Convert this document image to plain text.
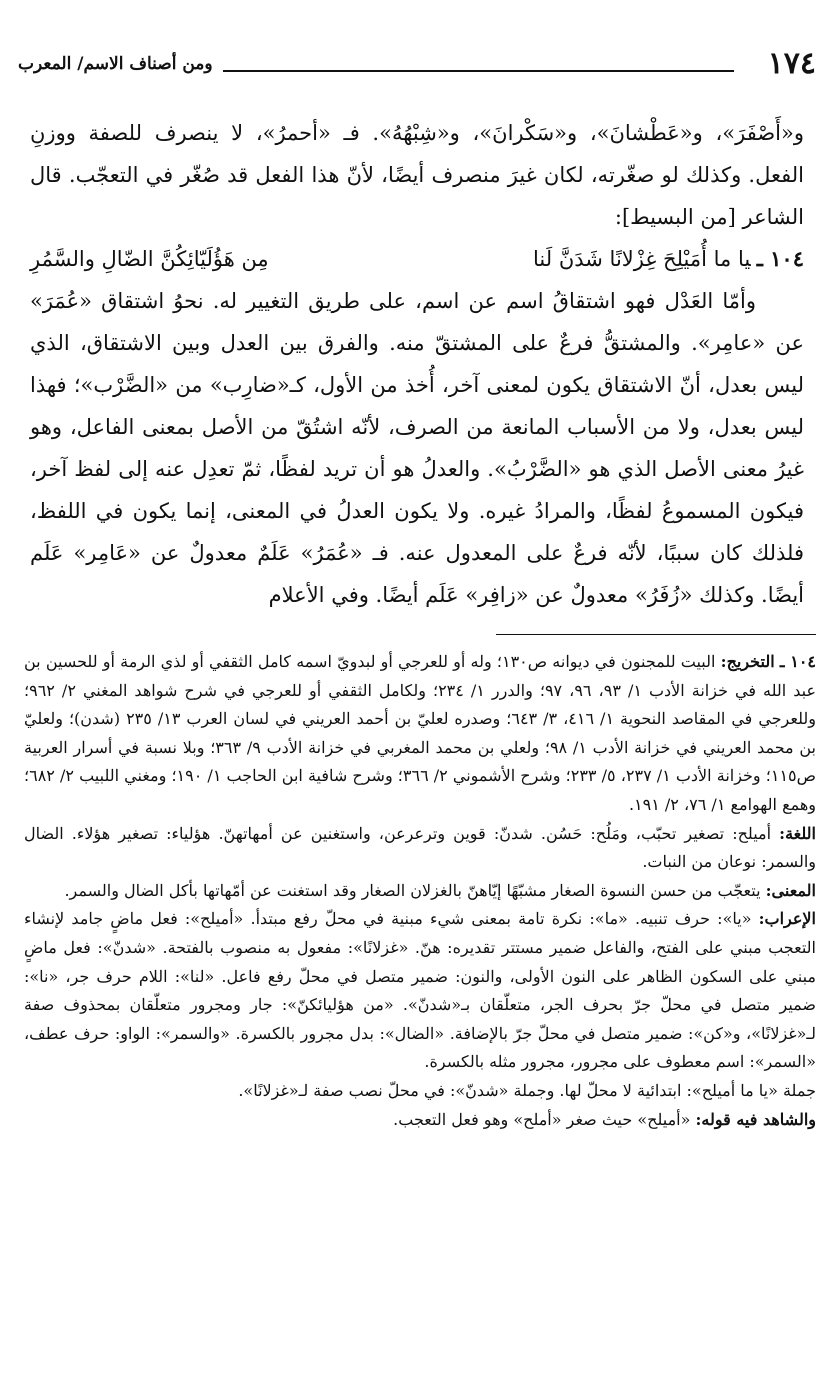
١٧٤
ومن أصناف الاسم/ المعرب

و«أَصْفَرَ»، و«عَطْشانَ»، و«سَكْرانَ»، و«شِبْهُهُ». فـ «أحمرُ»، لا ينصرف للصفة ووزنِ الفعل. وكذلك لو صغّرته، لكان غيرَ منصرف أيضًا، لأنّ هذا الفعل قد صُغّر في التعجّب. قال الشاعر [من البسيط]:

١٠٤ ـيا ما أُمَيْلِحَ غِزْلانًا شَدَنَّ لَنا
مِن هَؤُلَيّائِكُنَّ الضّالِ والسَّمُرِ

وأمّا العَدْل فهو اشتقاقُ اسم عن اسم، على طريق التغيير له. نحوُ اشتقاق «عُمَرَ» عن «عامِر». والمشتقُّ فرعٌ على المشتقّ منه. والفرق بين العدل وبين الاشتقاق، الذي ليس بعدل، أنّ الاشتقاق يكون لمعنى آخر، أُخذ من الأول، كـ«ضارِب» من «الضَّرْب»؛ فهذا ليس بعدل، ولا من الأسباب المانعة من الصرف، لأنّه اشتُقّ من الأصل بمعنى الفاعل، وهو غيرُ معنى الأصل الذي هو «الضَّرْبُ». والعدلُ هو أن تريد لفظًا، ثمّ تعدِل عنه إلى لفظ آخر، فيكون المسموعُ لفظًا، والمرادُ غيره. ولا يكون العدلُ في المعنى، إنما يكون في اللفظ، فلذلك كان سببًا، لأنّه فرعٌ على المعدول عنه. فـ «عُمَرُ» عَلَمٌ معدولٌ عن «عَامِر» عَلَم أيضًا. وكذلك «زُفَرُ» معدولٌ عن «زافِر» عَلَم أيضًا. وفي الأعلام

١٠٤ ـ التخريج: البيت للمجنون في ديوانه ص١٣٠؛ وله أو للعرجي أو لبدويّ اسمه كامل الثقفي أو لذي الرمة أو للحسين بن عبد الله في خزانة الأدب ١/ ٩٣، ٩٦، ٩٧؛ والدرر ١/ ٢٣٤؛ ولكامل الثقفي أو للعرجي في شرح شواهد المغني ٢/ ٩٦٢؛ وللعرجي في المقاصد النحوية ١/ ٤١٦، ٣/ ٦٤٣؛ وصدره لعليّ بن أحمد العريني في لسان العرب ١٣/ ٢٣٥ (شدن)؛ ولعليّ بن محمد العريني في خزانة الأدب ١/ ٩٨؛ ولعلي بن محمد المغربي في خزانة الأدب ٩/ ٣٦٣؛ وبلا نسبة في أسرار العربية ص١١٥؛ وخزانة الأدب ١/ ٢٣٧، ٥/ ٢٣٣؛ وشرح الأشموني ٢/ ٣٦٦؛ وشرح شافية ابن الحاجب ١/ ١٩٠؛ ومغني اللبيب ٢/ ٦٨٢؛ وهمع الهوامع ١/ ٧٦، ٢/ ١٩١.

اللغة: أميلح: تصغير تحبّب، ومَلُح: حَسُن. شدنّ: قوين وترعرعن، واستغنين عن أمهاتهنّ. هؤلياء: تصغير هؤلاء. الضال والسمر: نوعان من النبات.

المعنى: يتعجّب من حسن النسوة الصغار مشبّهًا إيّاهنّ بالغزلان الصغار وقد استغنت عن أمّهاتها بأكل الضال والسمر.

الإعراب: «يا»: حرف تنبيه. «ما»: نكرة تامة بمعنى شيء مبنية في محلّ رفع مبتدأ. «أميلح»: فعل ماضٍ جامد لإنشاء التعجب مبني على الفتح، والفاعل ضمير مستتر تقديره: هنّ. «غزلانًا»: مفعول به منصوب بالفتحة. «شدنّ»: فعل ماضٍ مبني على السكون الظاهر على النون الأولى، والنون: ضمير متصل في محلّ رفع فاعل. «لنا»: اللام حرف جر، «نا»: ضمير متصل في محلّ جرّ بحرف الجر، متعلّقان بـ«شدنّ». «من هؤليائكنّ»: جار ومجرور متعلّقان بمحذوف صفة لـ«غزلانًا»، و«كن»: ضمير متصل في محلّ جرّ بالإضافة. «الضال»: بدل مجرور بالكسرة. «والسمر»: الواو: حرف عطف، «السمر»: اسم معطوف على مجرور، مجرور مثله بالكسرة.

جملة «يا ما أميلح»: ابتدائية لا محلّ لها. وجملة «شدنّ»: في محلّ نصب صفة لـ«غزلانًا».

والشاهد فيه قوله: «أميلح» حيث صغر «أملح» وهو فعل التعجب.
